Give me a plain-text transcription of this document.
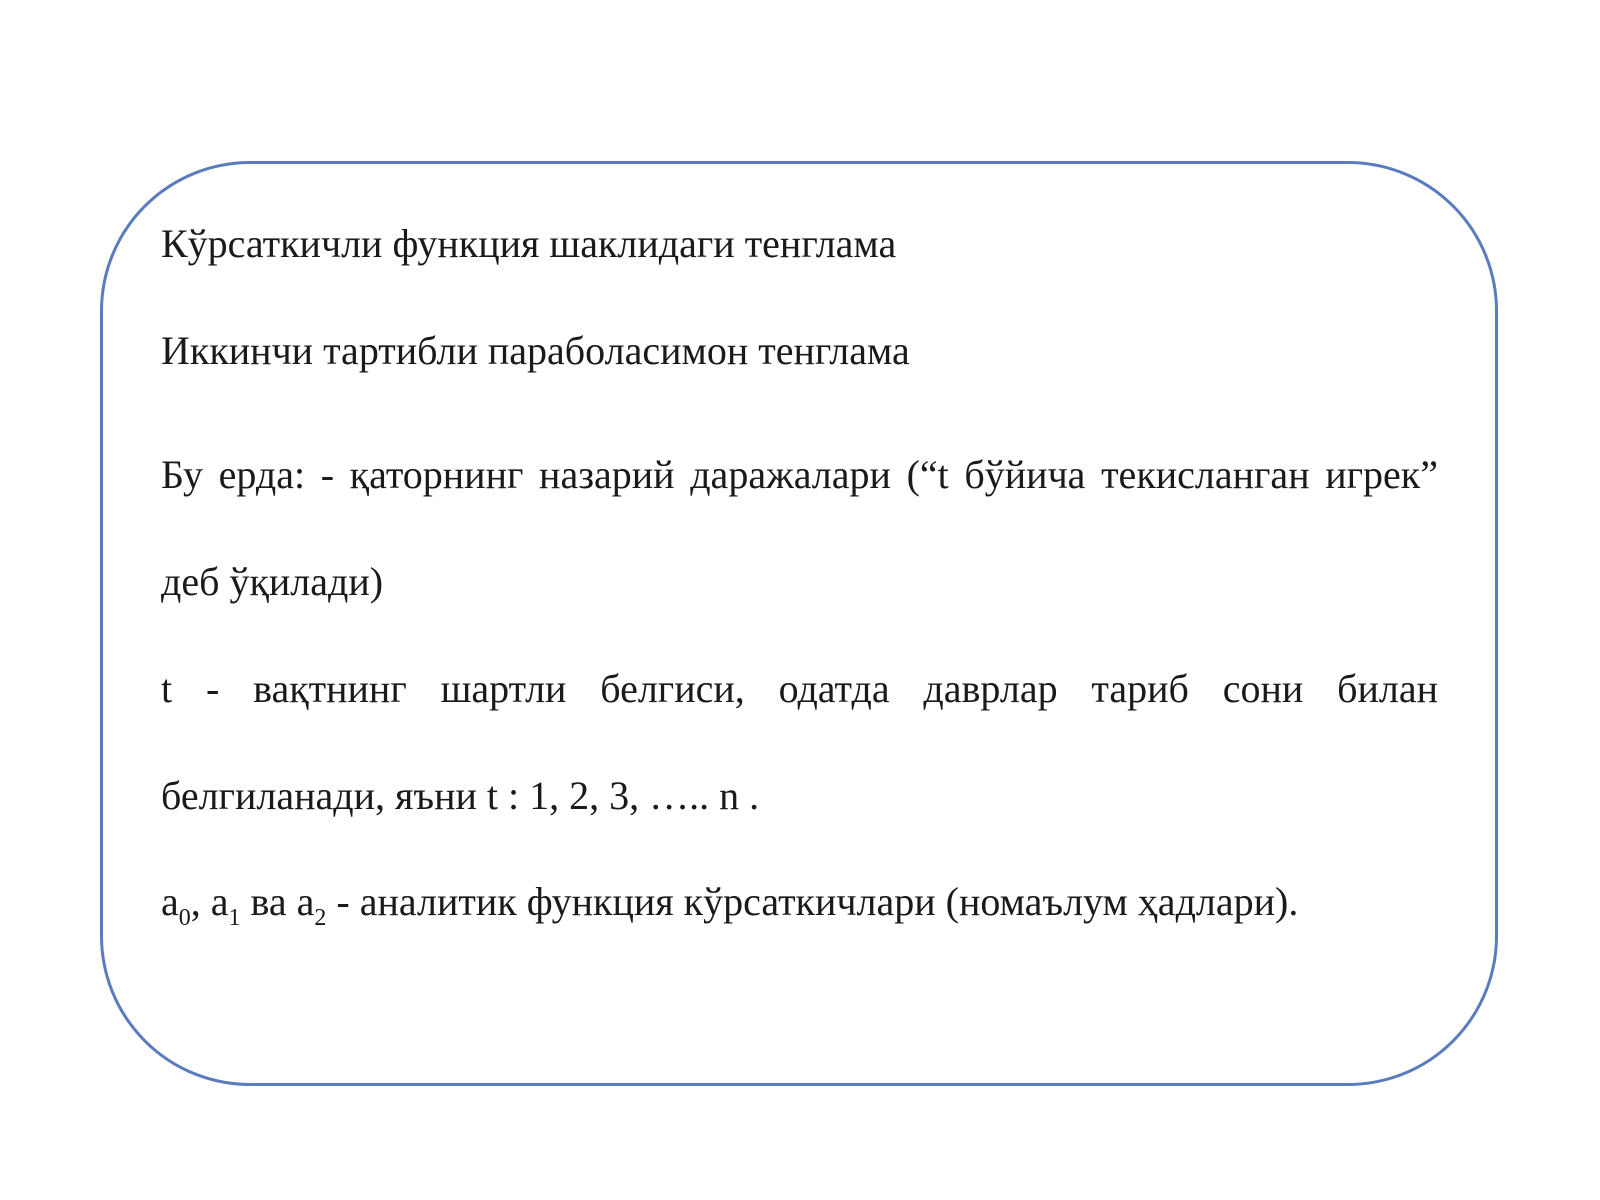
Кўрсаткичли функция шаклидаги тенглама

Иккинчи тартибли параболасимон тенглама

Бу ерда: - қаторнинг назарий даражалари (“t бўйича текисланган игрек” деб ўқилади)

t - вақтнинг шартли белгиси, одатда даврлар тариб сони билан белгиланади, яъни t : 1, 2, 3, ….. n .

$a_0$, $a_1$ ва $a_2$ - аналитик функция кўрсаткичлари (номаълум ҳадлари).
